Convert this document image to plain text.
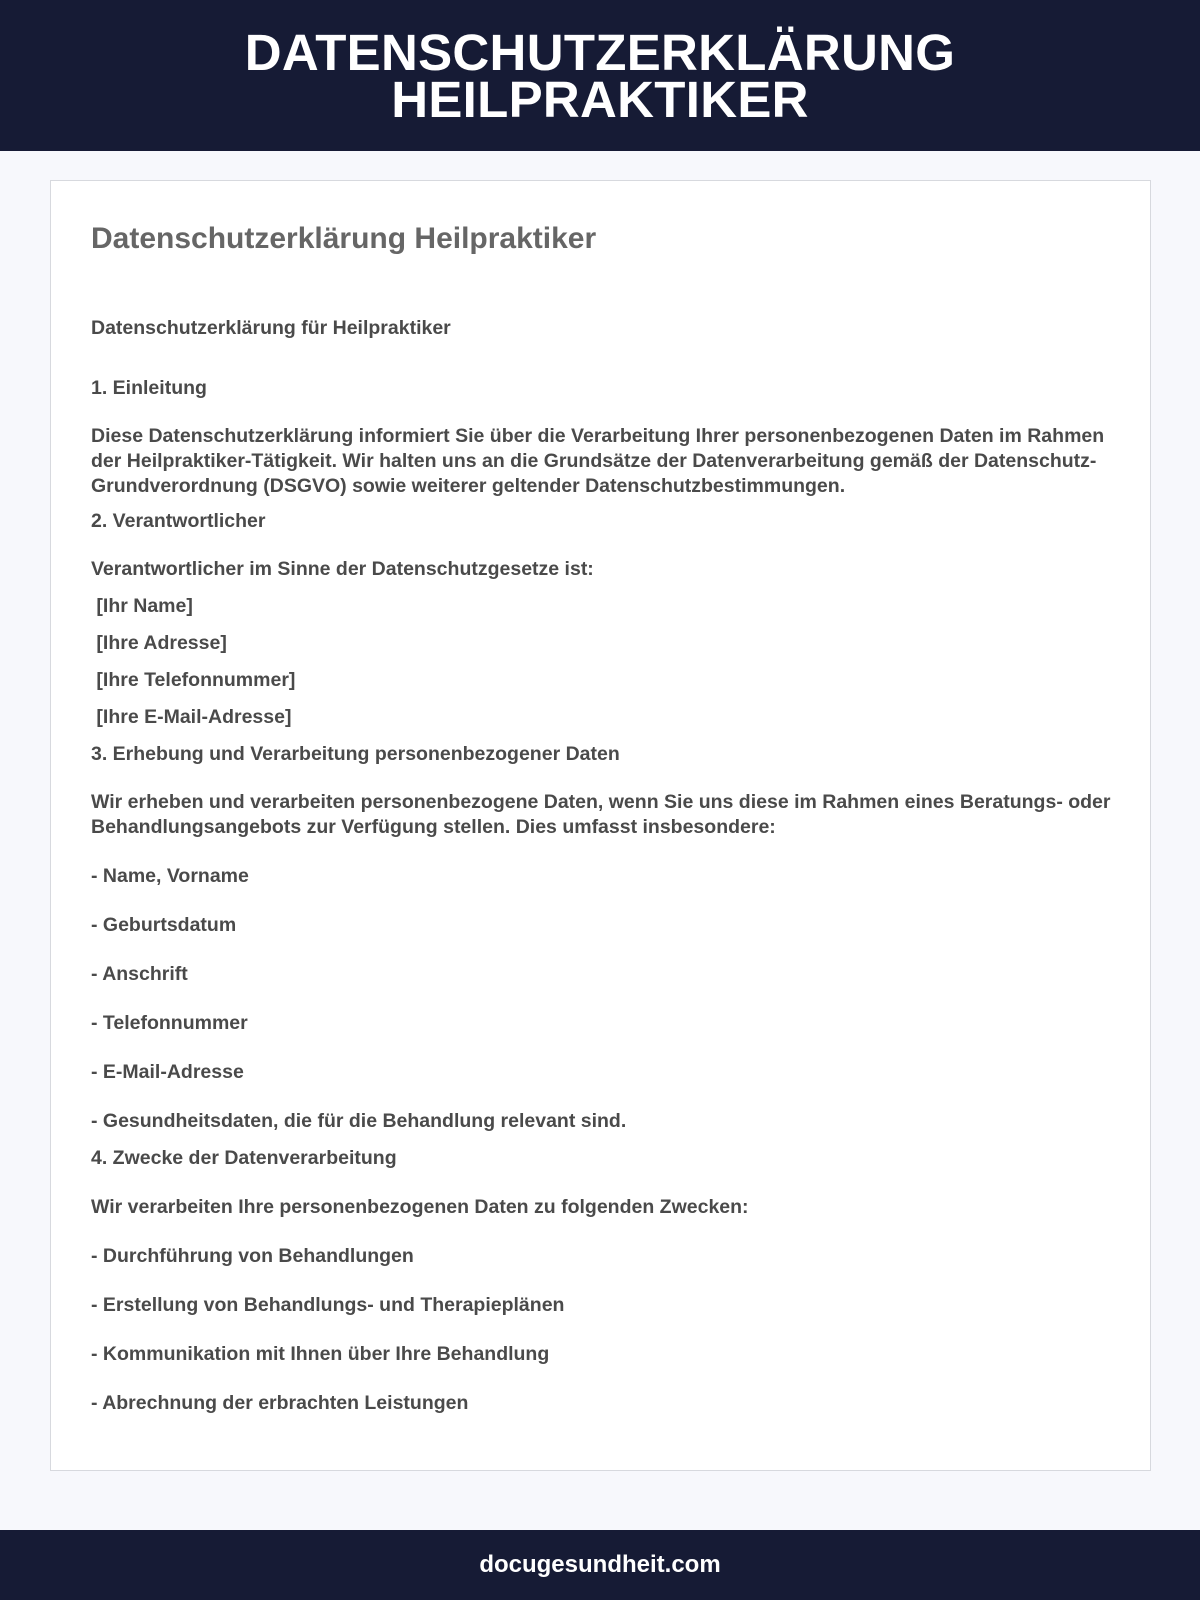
DATENSCHUTZERKLÄRUNG
HEILPRAKTIKER
Datenschutzerklärung Heilpraktiker
Datenschutzerklärung für Heilpraktiker
1. Einleitung
Diese Datenschutzerklärung informiert Sie über die Verarbeitung Ihrer personenbezogenen Daten im Rahmen der Heilpraktiker-Tätigkeit. Wir halten uns an die Grundsätze der Datenverarbeitung gemäß der Datenschutz-Grundverordnung (DSGVO) sowie weiterer geltender Datenschutzbestimmungen.
2. Verantwortlicher
Verantwortlicher im Sinne der Datenschutzgesetze ist:
[Ihr Name]
[Ihre Adresse]
[Ihre Telefonnummer]
[Ihre E-Mail-Adresse]
3. Erhebung und Verarbeitung personenbezogener Daten
Wir erheben und verarbeiten personenbezogene Daten, wenn Sie uns diese im Rahmen eines Beratungs- oder Behandlungsangebots zur Verfügung stellen. Dies umfasst insbesondere:
- Name, Vorname
- Geburtsdatum
- Anschrift
- Telefonnummer
- E-Mail-Adresse
- Gesundheitsdaten, die für die Behandlung relevant sind.
4. Zwecke der Datenverarbeitung
Wir verarbeiten Ihre personenbezogenen Daten zu folgenden Zwecken:
- Durchführung von Behandlungen
- Erstellung von Behandlungs- und Therapieplänen
- Kommunikation mit Ihnen über Ihre Behandlung
- Abrechnung der erbrachten Leistungen
docugesundheit.com
